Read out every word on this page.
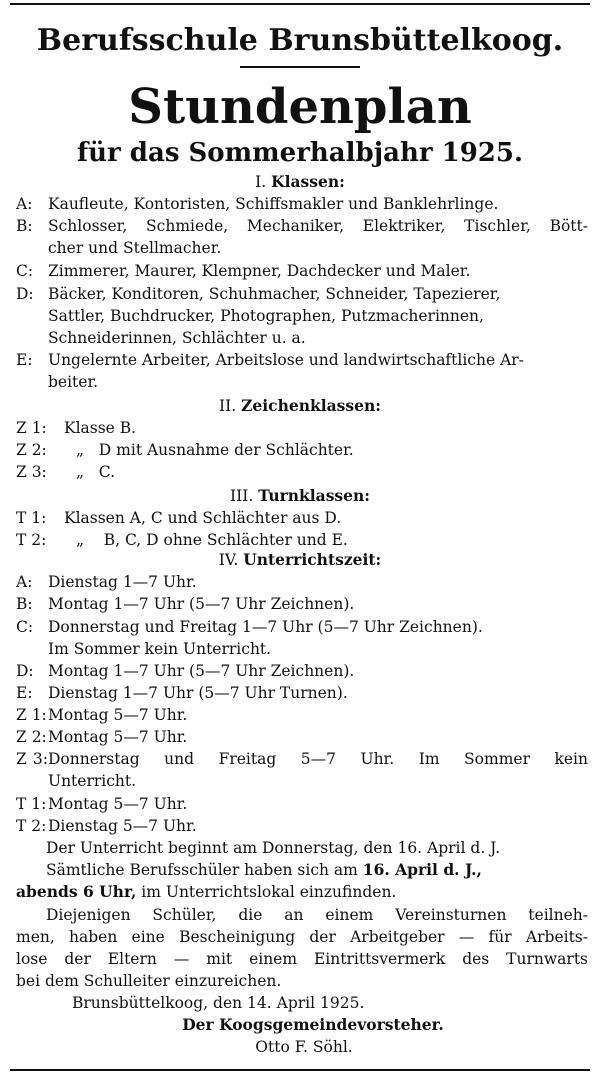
Berufsschule Brunsbüttelkoog.
Stundenplan
für das Sommerhalbjahr 1925.
I. Klassen:
A: Kaufleute, Kontoristen, Schiffsmakler und Banklehrlinge.
B: Schlosser, Schmiede, Mechaniker, Elektriker, Tischler, Bött-
cher und Stellmacher.
C: Zimmerer, Maurer, Klempner, Dachdecker und Maler.
D: Bäcker, Konditoren, Schuhmacher, Schneider, Tapezierer,
Sattler, Buchdrucker, Photographen, Putzmacherinnen,
Schneiderinnen, Schlächter u. a.
E: Ungelernte Arbeiter, Arbeitslose und landwirtschaftliche Ar-
beiter.
II. Zeichenklassen:
Z 1: Klasse B.
Z 2: „   D mit Ausnahme der Schlächter.
Z 3: „   C.
III. Turnklassen:
T 1: Klassen A, C und Schlächter aus D.
T 2: „    B, C, D ohne Schlächter und E.
IV. Unterrichtszeit:
A: Dienstag 1—7 Uhr.
B: Montag 1—7 Uhr (5—7 Uhr Zeichnen).
C: Donnerstag und Freitag 1—7 Uhr (5—7 Uhr Zeichnen).
Im Sommer kein Unterricht.
D: Montag 1—7 Uhr (5—7 Uhr Zeichnen).
E: Dienstag 1—7 Uhr (5—7 Uhr Turnen).
Z 1:Montag 5—7 Uhr.
Z 2:Montag 5—7 Uhr.
Z 3:Donnerstag und Freitag 5—7 Uhr. Im Sommer kein
Unterricht.
T 1: Montag 5—7 Uhr.
T 2: Dienstag 5—7 Uhr.
Der Unterricht beginnt am Donnerstag, den 16. April d. J.
Sämtliche Berufsschüler haben sich am 16. April d. J.,
abends 6 Uhr, im Unterrichtslokal einzufinden.
Diejenigen Schüler, die an einem Vereinsturnen teilneh-
men, haben eine Bescheinigung der Arbeitgeber — für Arbeits-
lose der Eltern — mit einem Eintrittsvermerk des Turnwarts
bei dem Schulleiter einzureichen.
Brunsbüttelkoog, den 14. April 1925.
Der Koogsgemeindevorsteher.
Otto F. Söhl.
